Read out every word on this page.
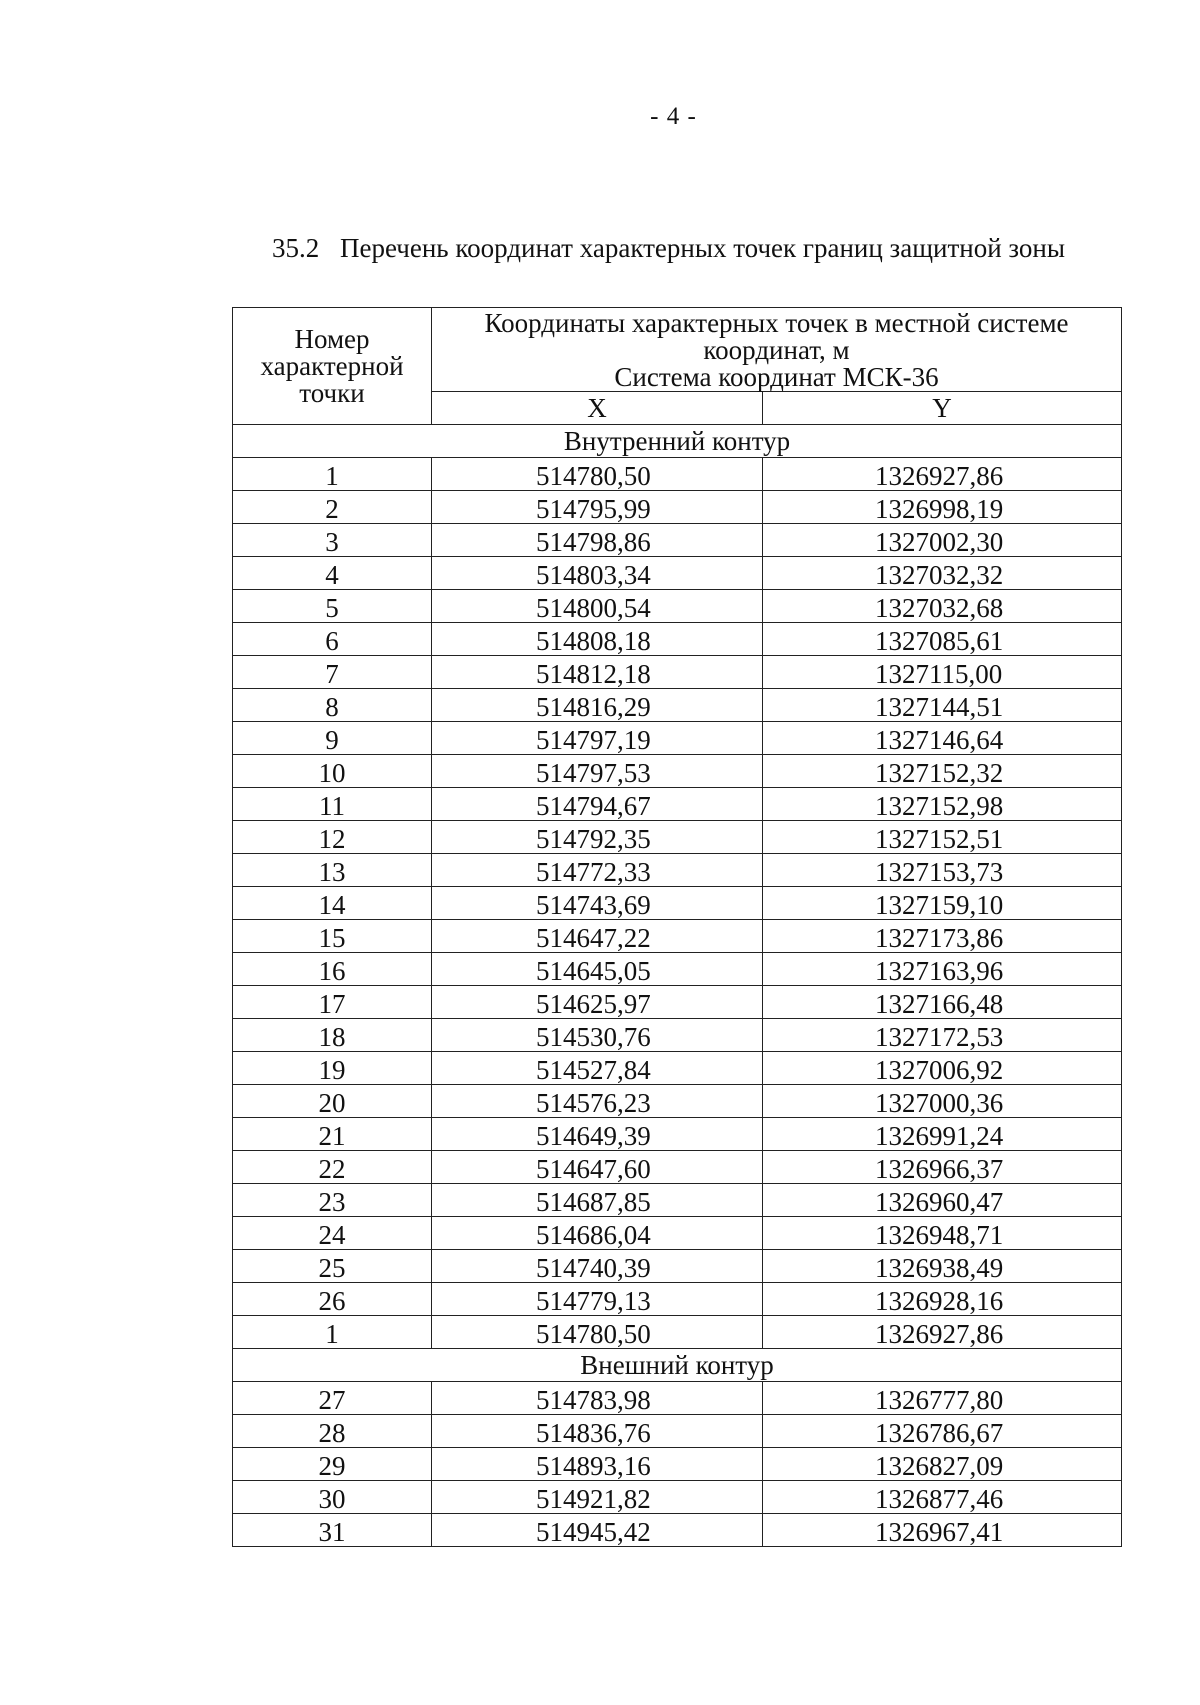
- 4 -
35.2 Перечень координат характерных точек границ защитной зоны
Номер
характерной
точки	Координаты характерных точек в местной системе
координат, м
Система координат МСК-36	
	X	Y
Внутренний контур		
1	514780,50	1326927,86
2	514795,99	1326998,19
3	514798,86	1327002,30
4	514803,34	1327032,32
5	514800,54	1327032,68
6	514808,18	1327085,61
7	514812,18	1327115,00
8	514816,29	1327144,51
9	514797,19	1327146,64
10	514797,53	1327152,32
11	514794,67	1327152,98
12	514792,35	1327152,51
13	514772,33	1327153,73
14	514743,69	1327159,10
15	514647,22	1327173,86
16	514645,05	1327163,96
17	514625,97	1327166,48
18	514530,76	1327172,53
19	514527,84	1327006,92
20	514576,23	1327000,36
21	514649,39	1326991,24
22	514647,60	1326966,37
23	514687,85	1326960,47
24	514686,04	1326948,71
25	514740,39	1326938,49
26	514779,13	1326928,16
1	514780,50	1326927,86
Внешний контур		
27	514783,98	1326777,80
28	514836,76	1326786,67
29	514893,16	1326827,09
30	514921,82	1326877,46
31	514945,42	1326967,41
